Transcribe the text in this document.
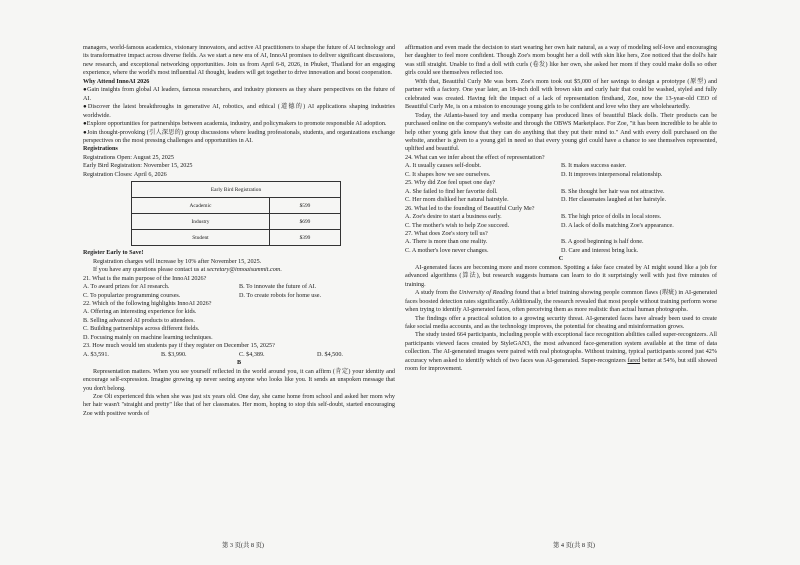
managers, world-famous academics, visionary innovators, and active AI practitioners to shape the future of AI technology and its transformative impact across diverse fields. As we start a new era of AI, InnoAI promises to deliver significant discussions, new research, and exceptional networking opportunities. Join us from April 6-8, 2026, in Phuket, Thailand for an engaging experience, where the world's most influential AI thought, leaders will get together to drive innovation and boost cooperation.

Why Attend InnoAI 2026

●Gain insights from global AI leaders, famous researchers, and industry pioneers as they share perspectives on the future of AI.

●Discover the latest breakthroughs in generative AI, robotics, and ethical (道德的) AI applications shaping industries worldwide.

●Explore opportunities for partnerships between academia, industry, and policymakers to promote responsible AI adoption.

●Join thought-provoking (引人深思的) group discussions where leading professionals, students, and organizations exchange perspectives on the most pressing challenges and opportunities in AI.

Registrations

Registrations Open: August 25, 2025

Early Bird Registration: November 15, 2025

Registration Closes: April 6, 2026

Early Bird Registration	
Academic	$599
Industry	$699
Student	$399

Register Early to Save!

Registration charges will increase by 10% after November 15, 2025.

If you have any questions please contact us at secretary@innoaisummit.com.

21. What is the main purpose of the InnoAI 2026?

A. To award prizes for AI research.	B. To innovate the future of AI.
C. To popularize programming courses.	D. To create robots for home use.

22. Which of the following highlights InnoAI 2026?

A. Offering an interesting experience for kids.

B. Selling advanced AI products to attendees.

C. Building partnerships across different fields.

D. Focusing mainly on machine learning techniques.

23. How much would ten students pay if they register on December 15, 2025?

A. $3,591.	B. $3,990.	C. $4,389.	D. $4,500.

B

Representation matters. When you see yourself reflected in the world around you, it can affirm (肯定) your identity and encourage self-expression. Imagine growing up never seeing anyone who looks like you. It sends an unspoken message that you don't belong.

Zoe Oli experienced this when she was just six years old. One day, she came home from school and asked her mom why her hair wasn't "straight and pretty" like that of her classmates. Her mom, hoping to stop this self-doubt, started encouraging Zoe with positive words of

affirmation and even made the decision to start wearing her own hair natural, as a way of modeling self-love and encouraging her daughter to feel more confident. Though Zoe's mom bought her a doll with skin like hers, Zoe noticed that the doll's hair was still straight. Unable to find a doll with curls (卷发) like her own, she asked her mom if they could make dolls so other girls could see themselves reflected too.

With that, Beautiful Curly Me was born. Zoe's mom took out $5,000 of her savings to design a prototype (原型) and partner with a factory. One year later, an 18-inch doll with brown skin and curly hair that could be washed, styled and fully celebrated was created. Having felt the impact of a lack of representation firsthand, Zoe, now the 13-year-old CEO of Beautiful Curly Me, is on a mission to encourage young girls to be confident and love who they are wholeheartedly.

Today, the Atlanta-based toy and media company has produced lines of beautiful Black dolls. Their products can be purchased online on the company's website and through the OBWS Marketplace. For Zoe, "it has been incredible to be able to help other young girls know that they can do anything that they put their mind to." And with every doll purchased on the website, another is given to a young girl in need so that every young girl could have a chance to see themselves represented, uplifted and beautiful.

24. What can we infer about the effect of representation?

A. It usually causes self-doubt.	B. It makes success easier.
C. It shapes how we see ourselves.	D. It improves interpersonal relationship.

25. Why did Zoe feel upset one day?

A. She failed to find her favorite doll.	B. She thought her hair was not attractive.
C. Her mom disliked her natural hairstyle.	D. Her classmates laughed at her hairstyle.

26. What led to the founding of Beautiful Curly Me?

A. Zoe's desire to start a business early.	B. The high price of dolls in local stores.
C. The mother's wish to help Zoe succeed.	D. A lack of dolls matching Zoe's appearance.

27. What does Zoe's story tell us?

A. There is more than one reality.	B. A good beginning is half done.
C. A mother's love never changes.	D. Care and interest bring luck.

C

AI-generated faces are becoming more and more common. Spotting a fake face created by AI might sound like a job for advanced algorithms (算法), but research suggests humans can learn to do it surprisingly well with just five minutes of training.

A study from the University of Reading found that a brief training showing people common flaws (瑕疵) in AI-generated faces boosted detection rates significantly. Additionally, the research revealed that most people without training perform worse when trying to identify AI-generated faces, often perceiving them as more realistic than actual human photographs.

The findings offer a practical solution to a growing security threat. AI-generated faces have already been used to create fake social media accounts, and as the technology improves, the potential for cheating and misinformation grows.

The study tested 664 participants, including people with exceptional face recognition abilities called super-recognizers. All participants viewed faces created by StyleGAN3, the most advanced face-generation system available at the time of data collection. The AI-generated images were paired with real photographs. Without training, typical participants scored just 42% accuracy when asked to identify which of two faces was AI-generated. Super-recognizers fared better at 54%, but still showed room for improvement.

第 3 页(共 8 页)	第 4 页(共 8 页)
